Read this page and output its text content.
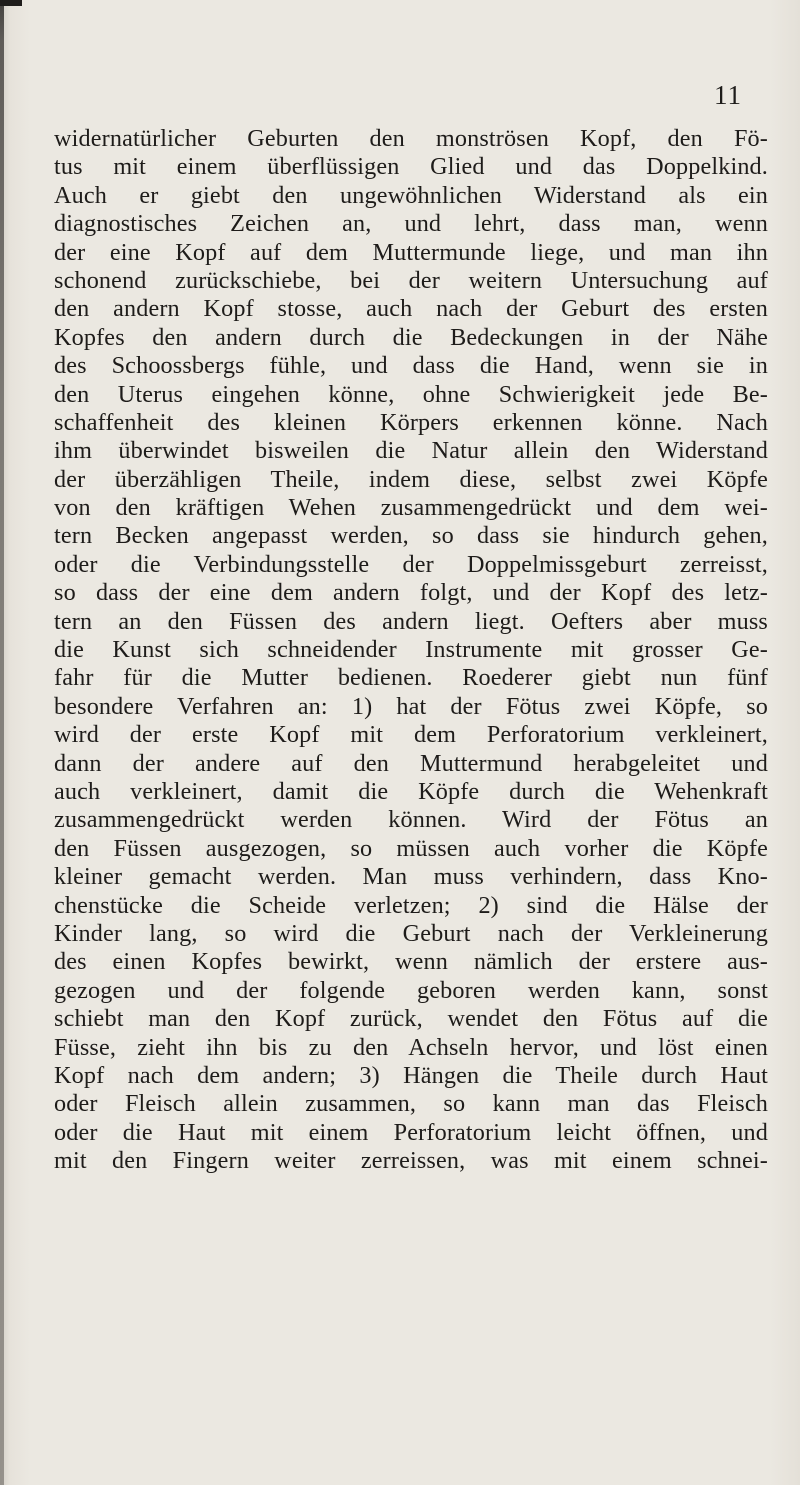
11
widernatürlicher Geburten den monströsen Kopf, den Fö-
tus mit einem überflüssigen Glied und das Doppelkind.
Auch er giebt den ungewöhnlichen Widerstand als ein
diagnostisches Zeichen an, und lehrt, dass man, wenn
der eine Kopf auf dem Muttermunde liege, und man ihn
schonend zurückschiebe, bei der weitern Untersuchung auf
den andern Kopf stosse, auch nach der Geburt des ersten
Kopfes den andern durch die Bedeckungen in der Nähe
des Schoossbergs fühle, und dass die Hand, wenn sie in
den Uterus eingehen könne, ohne Schwierigkeit jede Be-
schaffenheit des kleinen Körpers erkennen könne. Nach
ihm überwindet bisweilen die Natur allein den Widerstand
der überzähligen Theile, indem diese, selbst zwei Köpfe
von den kräftigen Wehen zusammengedrückt und dem wei-
tern Becken angepasst werden, so dass sie hindurch gehen,
oder die Verbindungsstelle der Doppelmissgeburt zerreisst,
so dass der eine dem andern folgt, und der Kopf des letz-
tern an den Füssen des andern liegt. Oefters aber muss
die Kunst sich schneidender Instrumente mit grosser Ge-
fahr für die Mutter bedienen. Roederer giebt nun fünf
besondere Verfahren an: 1) hat der Fötus zwei Köpfe, so
wird der erste Kopf mit dem Perforatorium verkleinert,
dann der andere auf den Muttermund herabgeleitet und
auch verkleinert, damit die Köpfe durch die Wehenkraft
zusammengedrückt werden können. Wird der Fötus an
den Füssen ausgezogen, so müssen auch vorher die Köpfe
kleiner gemacht werden. Man muss verhindern, dass Kno-
chenstücke die Scheide verletzen; 2) sind die Hälse der
Kinder lang, so wird die Geburt nach der Verkleinerung
des einen Kopfes bewirkt, wenn nämlich der erstere aus-
gezogen und der folgende geboren werden kann, sonst
schiebt man den Kopf zurück, wendet den Fötus auf die
Füsse, zieht ihn bis zu den Achseln hervor, und löst einen
Kopf nach dem andern; 3) Hängen die Theile durch Haut
oder Fleisch allein zusammen, so kann man das Fleisch
oder die Haut mit einem Perforatorium leicht öffnen, und
mit den Fingern weiter zerreissen, was mit einem schnei-
